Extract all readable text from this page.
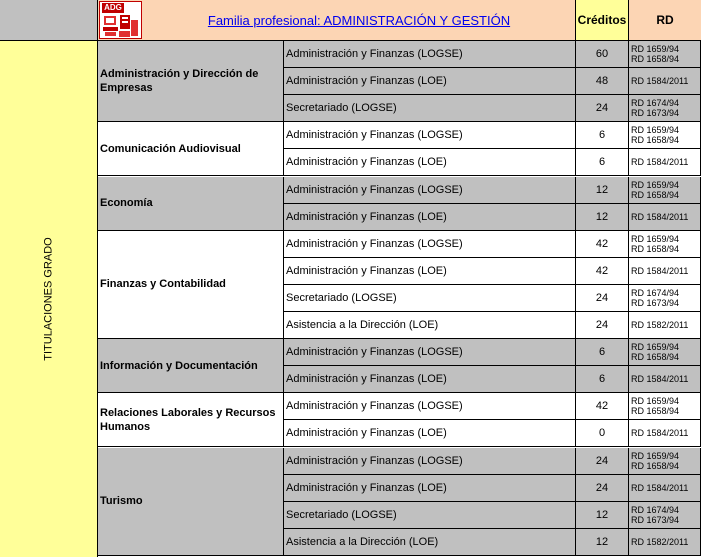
ADG
Familia profesional: ADMINISTRACIÓN Y GESTIÓN	Créditos	RD
TITULACIONES GRADO
Administración y Dirección de Empresas
Administración y Finanzas (LOGSE)	60	RD 1659/94
RD 1658/94
Administración y Finanzas (LOE)	48	RD 1584/2011
Secretariado (LOGSE)	24	RD 1674/94
RD 1673/94
Comunicación Audiovisual
Administración y Finanzas (LOGSE)	6	RD 1659/94
RD 1658/94
Administración y Finanzas (LOE)	6	RD 1584/2011
Economía
Administración y Finanzas (LOGSE)	12	RD 1659/94
RD 1658/94
Administración y Finanzas (LOE)	12	RD 1584/2011
Finanzas y Contabilidad
Administración y Finanzas (LOGSE)	42	RD 1659/94
RD 1658/94
Administración y Finanzas (LOE)	42	RD 1584/2011
Secretariado (LOGSE)	24	RD 1674/94
RD 1673/94
Asistencia a la Dirección (LOE)	24	RD 1582/2011
Información y Documentación
Administración y Finanzas (LOGSE)	6	RD 1659/94
RD 1658/94
Administración y Finanzas (LOE)	6	RD 1584/2011
Relaciones Laborales y Recursos Humanos
Administración y Finanzas (LOGSE)	42	RD 1659/94
RD 1658/94
Administración y Finanzas (LOE)	0	RD 1584/2011
Turismo
Administración y Finanzas (LOGSE)	24	RD 1659/94
RD 1658/94
Administración y Finanzas (LOE)	24	RD 1584/2011
Secretariado (LOGSE)	12	RD 1674/94
RD 1673/94
Asistencia a la Dirección (LOE)	12	RD 1582/2011
